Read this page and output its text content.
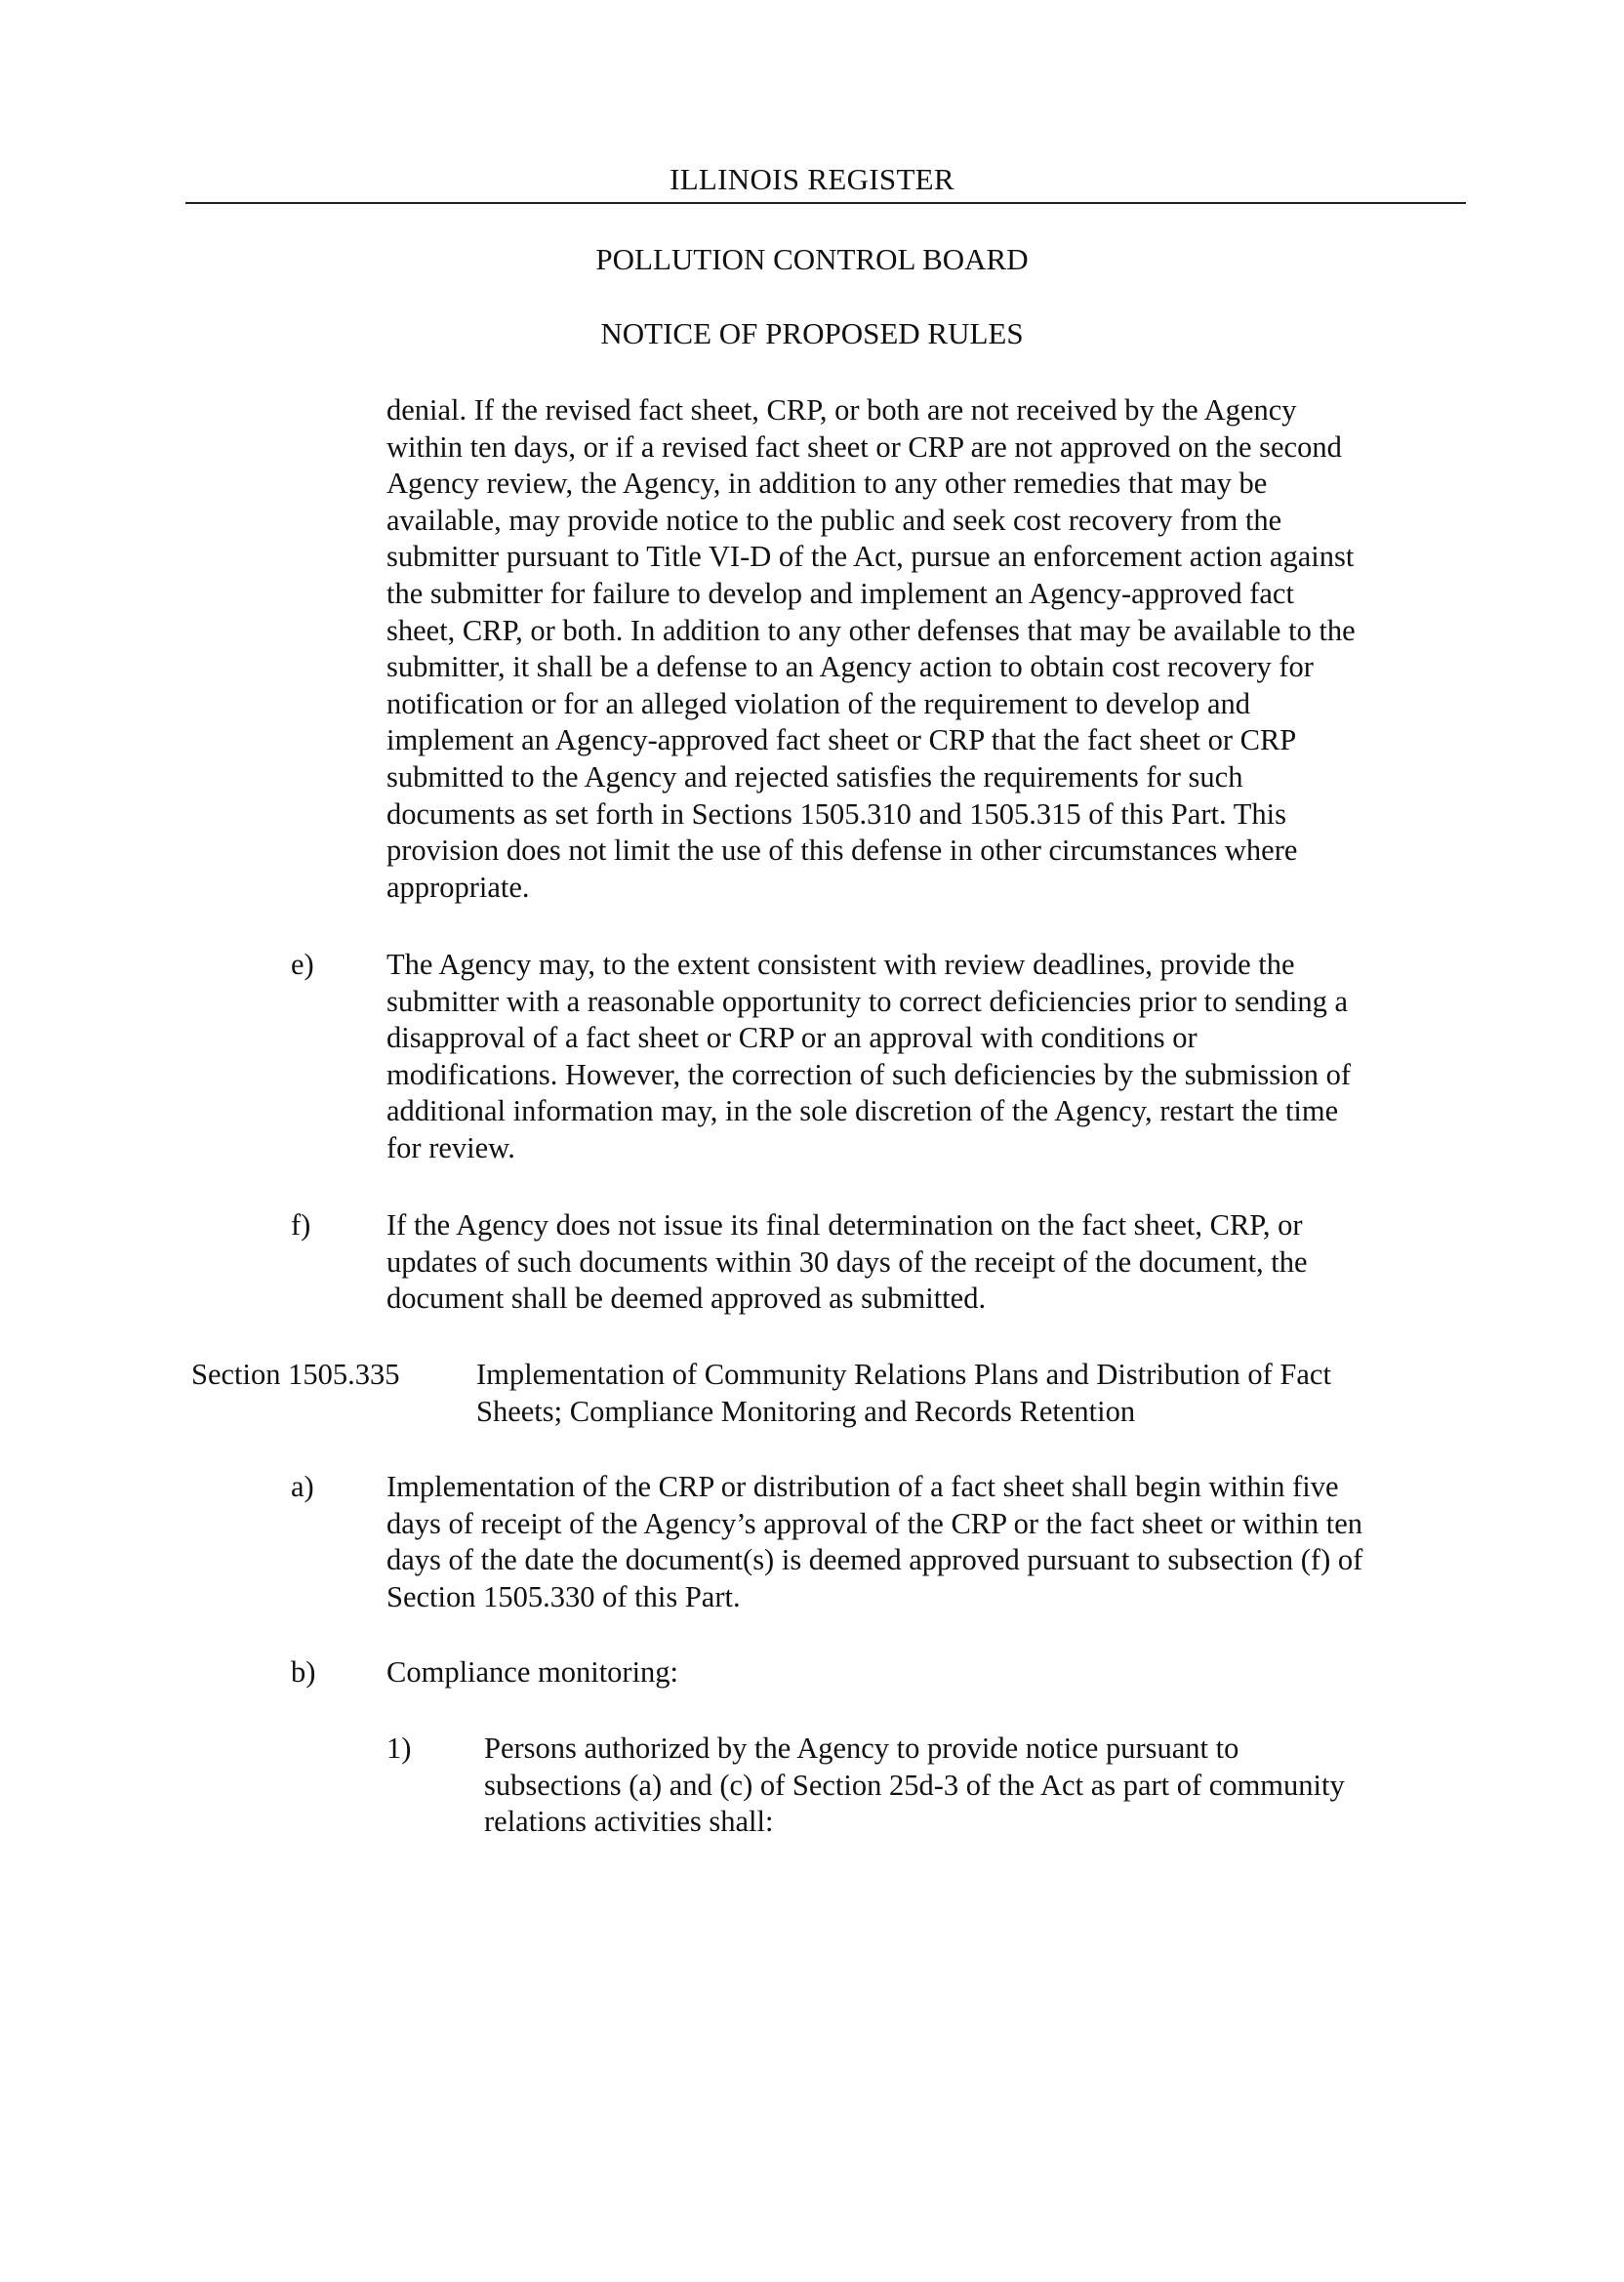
ILLINOIS REGISTER
POLLUTION CONTROL BOARD
NOTICE OF PROPOSED RULES
denial. If the revised fact sheet, CRP, or both are not received by the Agency
within ten days, or if a revised fact sheet or CRP are not approved on the second
Agency review, the Agency, in addition to any other remedies that may be
available, may provide notice to the public and seek cost recovery from the
submitter pursuant to Title VI-D of the Act, pursue an enforcement action against
the submitter for failure to develop and implement an Agency-approved fact
sheet, CRP, or both. In addition to any other defenses that may be available to the
submitter, it shall be a defense to an Agency action to obtain cost recovery for
notification or for an alleged violation of the requirement to develop and
implement an Agency-approved fact sheet or CRP that the fact sheet or CRP
submitted to the Agency and rejected satisfies the requirements for such
documents as set forth in Sections 1505.310 and 1505.315 of this Part. This
provision does not limit the use of this defense in other circumstances where
appropriate.
e) The Agency may, to the extent consistent with review deadlines, provide the
submitter with a reasonable opportunity to correct deficiencies prior to sending a
disapproval of a fact sheet or CRP or an approval with conditions or
modifications. However, the correction of such deficiencies by the submission of
additional information may, in the sole discretion of the Agency, restart the time
for review.
f)	If the Agency does not issue its final determination on the fact sheet, CRP, or
updates of such documents within 30 days of the receipt of the document, the
document shall be deemed approved as submitted.
Section 1505.335	Implementation of Community Relations Plans and Distribution of Fact
Sheets; Compliance Monitoring and Records Retention
a) Implementation of the CRP or distribution of a fact sheet shall begin within five
days of receipt of the Agency’s approval of the CRP or the fact sheet or within ten
days of the date the document(s) is deemed approved pursuant to subsection (f) of
Section 1505.330 of this Part.
b) Compliance monitoring:
1) Persons authorized by the Agency to provide notice pursuant to
subsections (a) and (c) of Section 25d-3 of the Act as part of community
relations activities shall:
